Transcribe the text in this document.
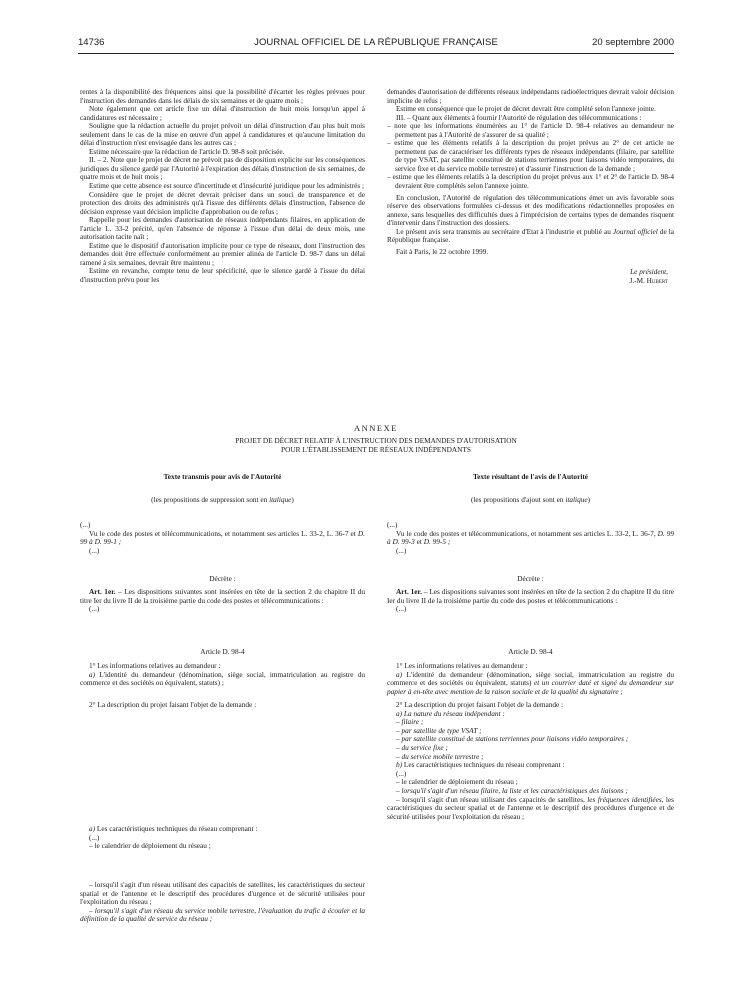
14736	JOURNAL OFFICIEL DE LA RÉPUBLIQUE FRANÇAISE	20 septembre 2000

rentes à la disponibilité des fréquences ainsi que la possibilité d'écarter les règles prévues pour l'instruction des demandes dans les délais de six semaines et de quatre mois ;

Note également que cet article fixe un délai d'instruction de huit mois lorsqu'un appel à candidatures est nécessaire ;

Souligne que la rédaction actuelle du projet prévoit un délai d'instruction d'au plus huit mois seulement dans le cas de la mise en œuvre d'un appel à candidatures et qu'aucune limitation du délai d'instruction n'est envisagée dans les autres cas ;

Estime nécessaire que la rédaction de l'article D. 98-8 soit précisée.

II. – 2. Note que le projet de décret ne prévoit pas de disposition explicite sur les conséquences juridiques du silence gardé par l'Autorité à l'expiration des délais d'instruction de six semaines, de quatre mois et de huit mois ;

Estime que cette absence est source d'incertitude et d'insécurité juridique pour les administrés ;

Considère que le projet de décret devrait préciser dans un souci de transparence et de protection des droits des administrés qu'à l'issue des différents délais d'instruction, l'absence de décision expresse vaut décision implicite d'approbation ou de refus ;

Rappelle pour les demandes d'autorisation de réseaux indépendants filaires, en application de l'article L. 33-2 précité, qu'en l'absence de réponse à l'issue d'un délai de deux mois, une autorisation tacite naît ;

Estime que le dispositif d'autorisation implicite pour ce type de réseaux, dont l'instruction des demandes doit être effectuée conformément au premier alinéa de l'article D. 98-7 dans un délai ramené à six semaines, devrait être maintenu ;

Estime en revanche, compte tenu de leur spécificité, que le silence gardé à l'issue du délai d'instruction prévu pour les

demandes d'autorisation de différents réseaux indépendants radioélectriques devrait valoir décision implicite de refus ;

Estime en conséquence que le projet de décret devrait être complété selon l'annexe jointe.

III. – Quant aux éléments à fournir l'Autorité de régulation des télécommunications :

– note que les informations énumérées au 1° de l'article D. 98-4 relatives au demandeur ne permettent pas à l'Autorité de s'assurer de sa qualité ;

– estime que les éléments relatifs à la description du projet prévus au 2° de cet article ne permettent pas de caractériser les différents types de réseaux indépendants (filaire, par satellite de type VSAT, par satellite constitué de stations terriennes pour liaisons vidéo temporaires, du service fixe et du service mobile terrestre) et d'assurer l'instruction de la demande ;

– estime que les éléments relatifs à la description du projet prévus aux 1° et 2° de l'article D. 98-4 devraient être complétés selon l'annexe jointe.

En conclusion, l'Autorité de régulation des télécommunications émet un avis favorable sous réserve des observations formulées ci-dessus et des modifications rédactionnelles proposées en annexe, sans lesquelles des difficultés dues à l'imprécision de certains types de demandes risquent d'intervenir dans l'instruction des dossiers.

Le présent avis sera transmis au secrétaire d'Etat à l'industrie et publié au Journal officiel de la République française.

Fait à Paris, le 22 octobre 1999.

Le président,

J.-M. Hubert

ANNEXE
PROJET DE DÉCRET RELATIF À L'INSTRUCTION DES DEMANDES D'AUTORISATION
POUR L'ÉTABLISSEMENT DE RÉSEAUX INDÉPENDANTS

Texte transmis pour avis de l'Autorité

(les propositions de suppression sont en italique)

(...)

Vu le code des postes et télécommunications, et notamment ses articles L. 33-2, L. 36-7 et D. 99 à D. 99-1 ;

(...)

Décrète :

Art. 1er. – Les dispositions suivantes sont insérées en tête de la section 2 du chapitre II du titre Ier du livre II de la troisième partie du code des postes et télécommunications :

(...)

Article D. 98-4

1° Les informations relatives au demandeur :

a) L'identité du demandeur (dénomination, siège social, immatriculation au registre du commerce et des sociétés ou équivalent, statuts) ;

2° La description du projet faisant l'objet de la demande :

a) Les caractéristiques techniques du réseau comprenant :

(...)

– le calendrier de déploiement du réseau ;

– lorsqu'il s'agit d'un réseau utilisant des capacités de satellites, les caractéristiques du secteur spatial et de l'antenne et le descriptif des procédures d'urgence et de sécurité utilisées pour l'exploitation du réseau ;

– lorsqu'il s'agit d'un réseau du service mobile terrestre, l'évaluation du trafic à écouler et la définition de la qualité de service du réseau ;

Texte résultant de l'avis de l'Autorité

(les propositions d'ajout sont en italique)

(...)

Vu le code des postes et télécommunications, et notamment ses articles L. 33-2, L. 36-7, D. 99 à D. 99-3 et D. 99-5 ;

(...)

Décrète :

Art. 1er. – Les dispositions suivantes sont insérées en tête de la section 2 du chapitre II du titre Ier du livre II de la troisième partie du code des postes et télécommunications :

(...)

Article D. 98-4

1° Les informations relatives au demandeur :

a) L'identité du demandeur (dénomination, siège social, immatriculation au registre du commerce et des sociétés ou équivalent, statuts) et un courrier daté et signé du demandeur sur papier à en-tête avec mention de la raison sociale et de la qualité du signataire ;

2° La description du projet faisant l'objet de la demande :

a) La nature du réseau indépendant :

– filaire ;

– par satellite de type VSAT ;

– par satellite constitué de stations terriennes pour liaisons vidéo temporaires ;

– du service fixe ;

– du service mobile terrestre ;

b) Les caractéristiques techniques du réseau comprenant :

(...)

– le calendrier de déploiement du réseau ;

– lorsqu'il s'agit d'un réseau filaire, la liste et les caractéristiques des liaisons ;

– lorsqu'il s'agit d'un réseau utilisant des capacités de satellites, les fréquences identifiées, les caractéristiques du secteur spatial et de l'antenne et le descriptif des procédures d'urgence et de sécurité utilisées pour l'exploitation du réseau ;
